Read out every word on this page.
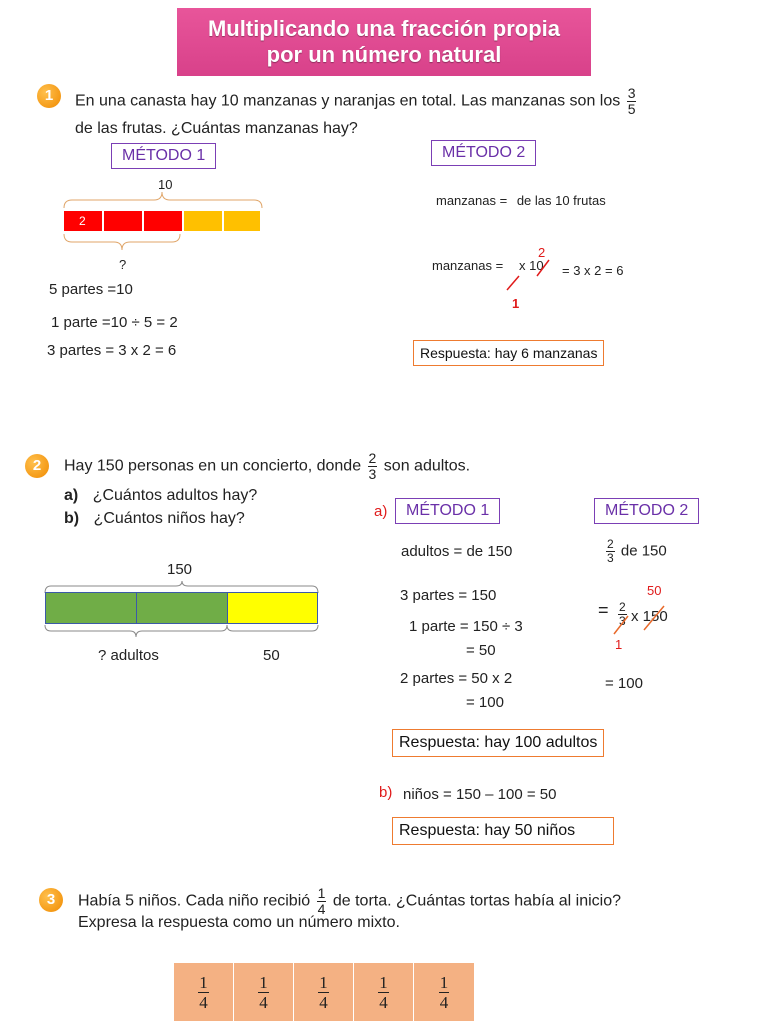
Multiplicando una fracción propia
por un número natural
1	En una canasta hay 10 manzanas y naranjas en total. Las manzanas son los $\frac{3}{5}$
de las frutas. ¿Cuántas manzanas hay?
MÉTODO 1	MÉTODO 2
10
2
?
5 partes =10
1 parte =10 ÷ 5 = 2
3 partes = 3 x 2 = 6
manzanas = de las 10 frutas
manzanas = x 10 = 3 x 2 = 6
2
1
Respuesta: hay 6 manzanas
2	Hay 150 personas en un concierto, donde $\frac{2}{3}$ son adultos.
a) ¿Cuántos adultos hay?
b) ¿Cuántos niños hay?
150
? adultos	50
a)	MÉTODO 1	MÉTODO 2
adultos = de 150
3 partes = 150
1 parte = 150 ÷ 3
= 50
2 partes = 50 x 2
= 100
$\frac{2}{3}$ de 150
= $\frac{2}{3}$ x 150
50
1
= 100
Respuesta: hay 100 adultos
b) niños = 150 – 100 = 50
Respuesta: hay 50 niños
3	Había 5 niños. Cada niño recibió $\frac{1}{4}$ de torta. ¿Cuántas tortas había al inicio?
Expresa la respuesta como un número mixto.
$\frac{1}{4}$	$\frac{1}{4}$	$\frac{1}{4}$	$\frac{1}{4}$	$\frac{1}{4}$
